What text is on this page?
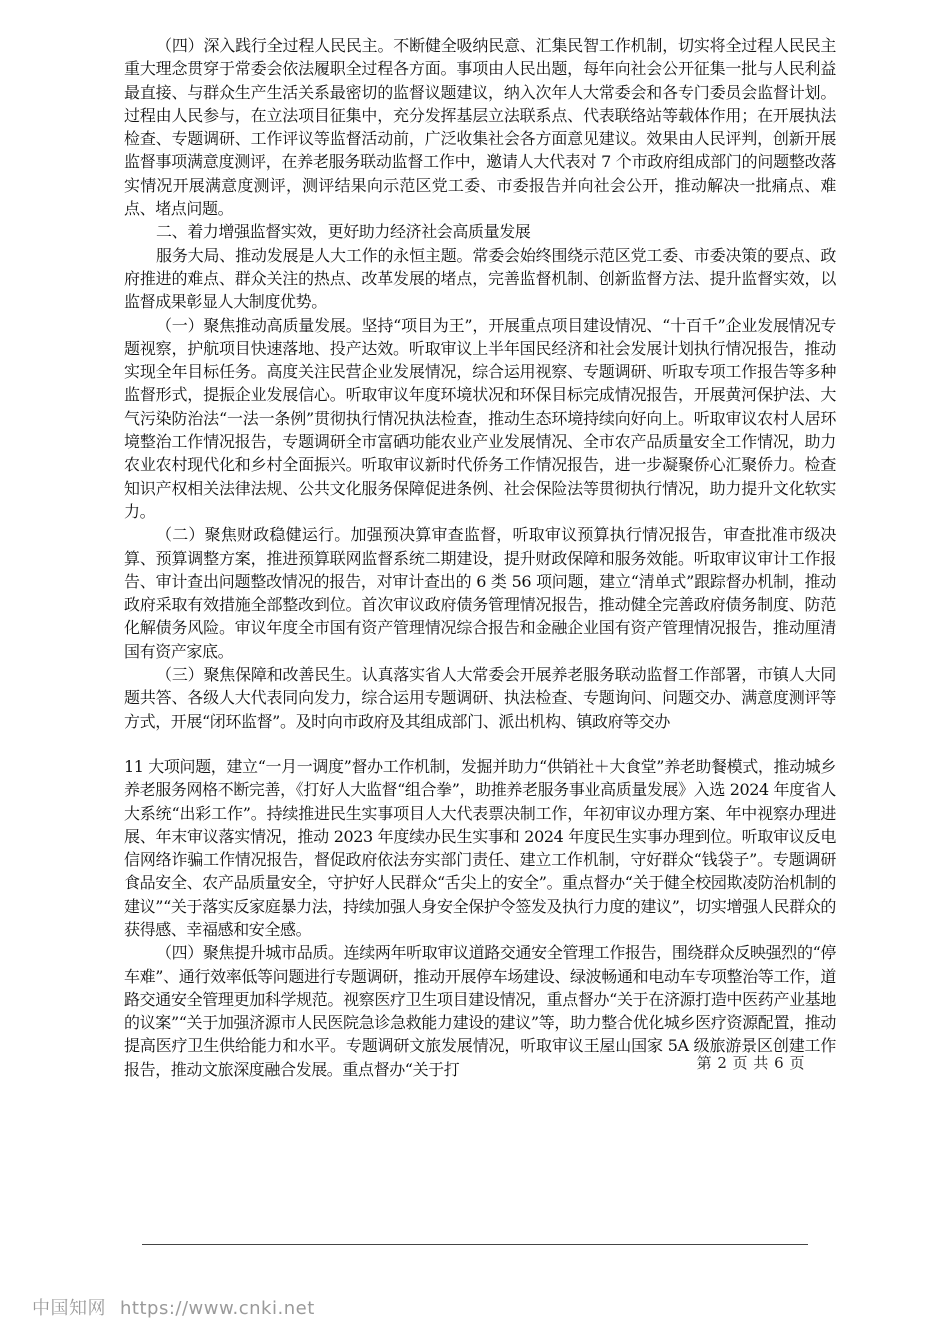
（四）深入践行全过程人民民主。不断健全吸纳民意、汇集民智工作机制，切实将全过程人民民主重大理念贯穿于常委会依法履职全过程各方面。事项由人民出题，每年向社会公开征集一批与人民利益最直接、与群众生产生活关系最密切的监督议题建议，纳入次年人大常委会和各专门委员会监督计划。过程由人民参与，在立法项目征集中，充分发挥基层立法联系点、代表联络站等载体作用；在开展执法检查、专题调研、工作评议等监督活动前，广泛收集社会各方面意见建议。效果由人民评判，创新开展监督事项满意度测评，在养老服务联动监督工作中，邀请人大代表对 7 个市政府组成部门的问题整改落实情况开展满意度测评，测评结果向示范区党工委、市委报告并向社会公开，推动解决一批痛点、难点、堵点问题。

二、着力增强监督实效，更好助力经济社会高质量发展

服务大局、推动发展是人大工作的永恒主题。常委会始终围绕示范区党工委、市委决策的要点、政府推进的难点、群众关注的热点、改革发展的堵点，完善监督机制、创新监督方法、提升监督实效，以监督成果彰显人大制度优势。

（一）聚焦推动高质量发展。坚持“项目为王”，开展重点项目建设情况、“十百千”企业发展情况专题视察，护航项目快速落地、投产达效。听取审议上半年国民经济和社会发展计划执行情况报告，推动实现全年目标任务。高度关注民营企业发展情况，综合运用视察、专题调研、听取专项工作报告等多种监督形式，提振企业发展信心。听取审议年度环境状况和环保目标完成情况报告，开展黄河保护法、大气污染防治法“一法一条例”贯彻执行情况执法检查，推动生态环境持续向好向上。听取审议农村人居环境整治工作情况报告，专题调研全市富硒功能农业产业发展情况、全市农产品质量安全工作情况，助力农业农村现代化和乡村全面振兴。听取审议新时代侨务工作情况报告，进一步凝聚侨心汇聚侨力。检查知识产权相关法律法规、公共文化服务保障促进条例、社会保险法等贯彻执行情况，助力提升文化软实力。

（二）聚焦财政稳健运行。加强预决算审查监督，听取审议预算执行情况报告，审查批准市级决算、预算调整方案，推进预算联网监督系统二期建设，提升财政保障和服务效能。听取审议审计工作报告、审计查出问题整改情况的报告，对审计查出的 6 类 56 项问题，建立“清单式”跟踪督办机制，推动政府采取有效措施全部整改到位。首次审议政府债务管理情况报告，推动健全完善政府债务制度、防范化解债务风险。审议年度全市国有资产管理情况综合报告和金融企业国有资产管理情况报告，推动厘清国有资产家底。

（三）聚焦保障和改善民生。认真落实省人大常委会开展养老服务联动监督工作部署，市镇人大同题共答、各级人大代表同向发力，综合运用专题调研、执法检查、专题询问、问题交办、满意度测评等方式，开展“闭环监督”。及时向市政府及其组成部门、派出机构、镇政府等交办

11 大项问题，建立“一月一调度”督办工作机制，发掘并助力“供销社＋大食堂”养老助餐模式，推动城乡养老服务网格不断完善，《打好人大监督“组合拳”，助推养老服务事业高质量发展》入选 2024 年度省人大系统“出彩工作”。持续推进民生实事项目人大代表票决制工作，年初审议办理方案、年中视察办理进展、年末审议落实情况，推动 2023 年度续办民生实事和 2024 年度民生实事办理到位。听取审议反电信网络诈骗工作情况报告，督促政府依法夯实部门责任、建立工作机制，守好群众“钱袋子”。专题调研食品安全、农产品质量安全，守护好人民群众“舌尖上的安全”。重点督办“关于健全校园欺凌防治机制的建议”“关于落实反家庭暴力法，持续加强人身安全保护令签发及执行力度的建议”，切实增强人民群众的获得感、幸福感和安全感。

（四）聚焦提升城市品质。连续两年听取审议道路交通安全管理工作报告，围绕群众反映强烈的“停车难”、通行效率低等问题进行专题调研，推动开展停车场建设、绿波畅通和电动车专项整治等工作，道路交通安全管理更加科学规范。视察医疗卫生项目建设情况，重点督办“关于在济源打造中医药产业基地的议案”“关于加强济源市人民医院急诊急救能力建设的建议”等，助力整合优化城乡医疗资源配置，推动提高医疗卫生供给能力和水平。专题调研文旅发展情况，听取审议王屋山国家 5A 级旅游景区创建工作报告，推动文旅深度融合发展。重点督办“关于打	第 2 页 共 6 页
中国知网 https://www.cnki.net
